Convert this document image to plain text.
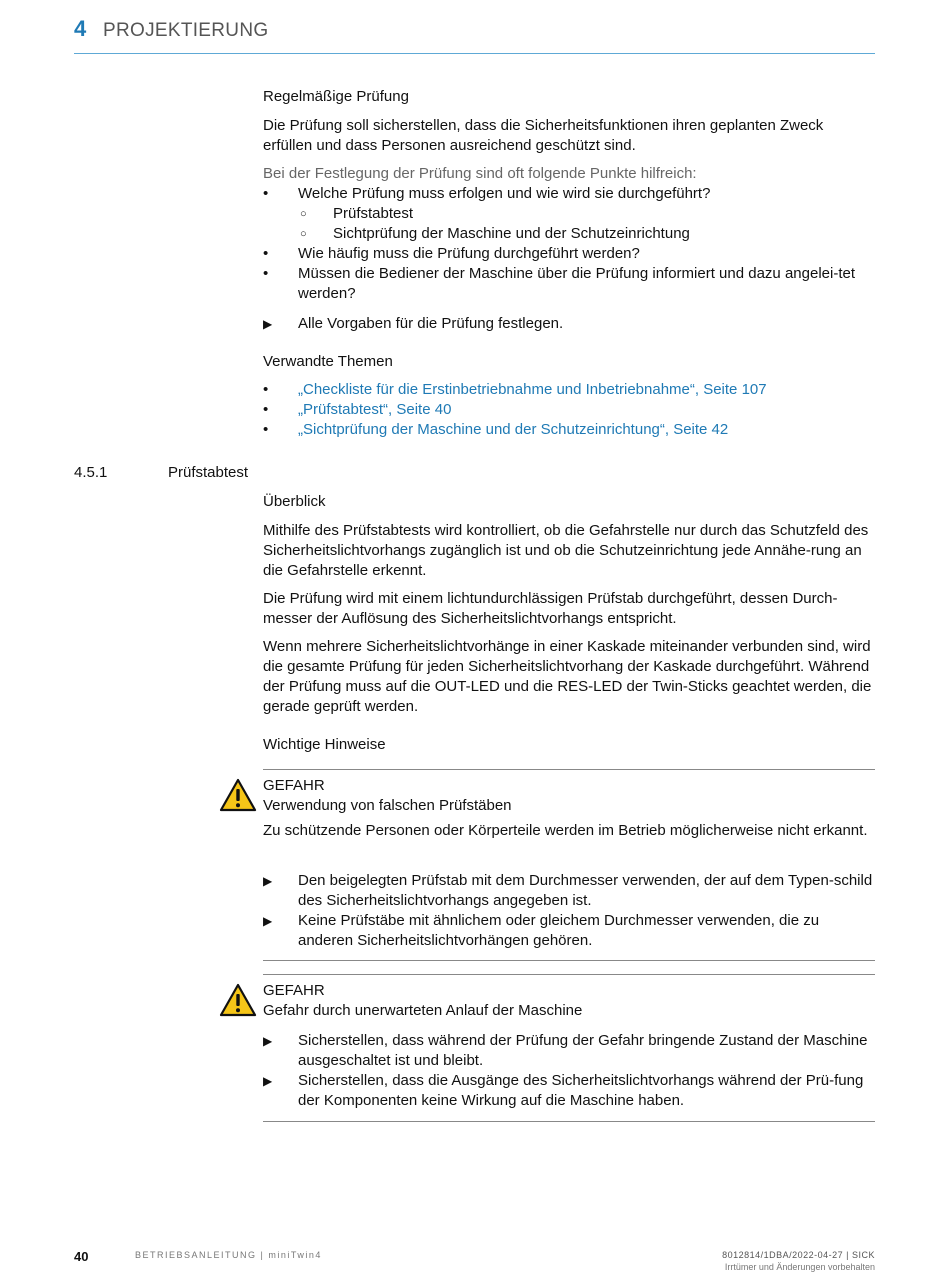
4 PROJEKTIERUNG

Regelmäßige Prüfung

Die Prüfung soll sicherstellen, dass die Sicherheitsfunktionen ihren geplanten Zweck erfüllen und dass Personen ausreichend geschützt sind.

Bei der Festlegung der Prüfung sind oft folgende Punkte hilfreich:

•	Welche Prüfung muss erfolgen und wie wird sie durchgeführt?
○ Prüfstabtest
○ Sichtprüfung der Maschine und der Schutzeinrichtung
•	Wie häufig muss die Prüfung durchgeführt werden?
•	Müssen die Bediener der Maschine über die Prüfung informiert und dazu angelei-tet werden?
▶ Alle Vorgaben für die Prüfung festlegen.

Verwandte Themen

•	„Checkliste für die Erstinbetriebnahme und Inbetriebnahme“, Seite 107
•	„Prüfstabtest“, Seite 40
•	„Sichtprüfung der Maschine und der Schutzeinrichtung“, Seite 42
4.5.1	Prüfstabtest

Überblick

Mithilfe des Prüfstabtests wird kontrolliert, ob die Gefahrstelle nur durch das Schutzfeld des Sicherheitslichtvorhangs zugänglich ist und ob die Schutzeinrichtung jede Annähe-rung an die Gefahrstelle erkennt.

Die Prüfung wird mit einem lichtundurchlässigen Prüfstab durchgeführt, dessen Durch-messer der Auflösung des Sicherheitslichtvorhangs entspricht.

Wenn mehrere Sicherheitslichtvorhänge in einer Kaskade miteinander verbunden sind, wird die gesamte Prüfung für jeden Sicherheitslichtvorhang der Kaskade durchgeführt. Während der Prüfung muss auf die OUT-LED und die RES-LED der Twin-Sticks geachtet werden, die gerade geprüft werden.

Wichtige Hinweise

GEFAHR
Verwendung von falschen Prüfstäben
Zu schützende Personen oder Körperteile werden im Betrieb möglicherweise nicht erkannt.
▶ Den beigelegten Prüfstab mit dem Durchmesser verwenden, der auf dem Typen-schild des Sicherheitslichtvorhangs angegeben ist.
▶ Keine Prüfstäbe mit ähnlichem oder gleichem Durchmesser verwenden, die zu anderen Sicherheitslichtvorhängen gehören.
GEFAHR
Gefahr durch unerwarteten Anlauf der Maschine
▶ Sicherstellen, dass während der Prüfung der Gefahr bringende Zustand der Maschine ausgeschaltet ist und bleibt.
▶ Sicherstellen, dass die Ausgänge des Sicherheitslichtvorhangs während der Prü-fung der Komponenten keine Wirkung auf die Maschine haben.
40	BETRIEBSANLEITUNG | miniTwin4	8012814/1DBA/2022-04-27 | SICK
Irrtümer und Änderungen vorbehalten
